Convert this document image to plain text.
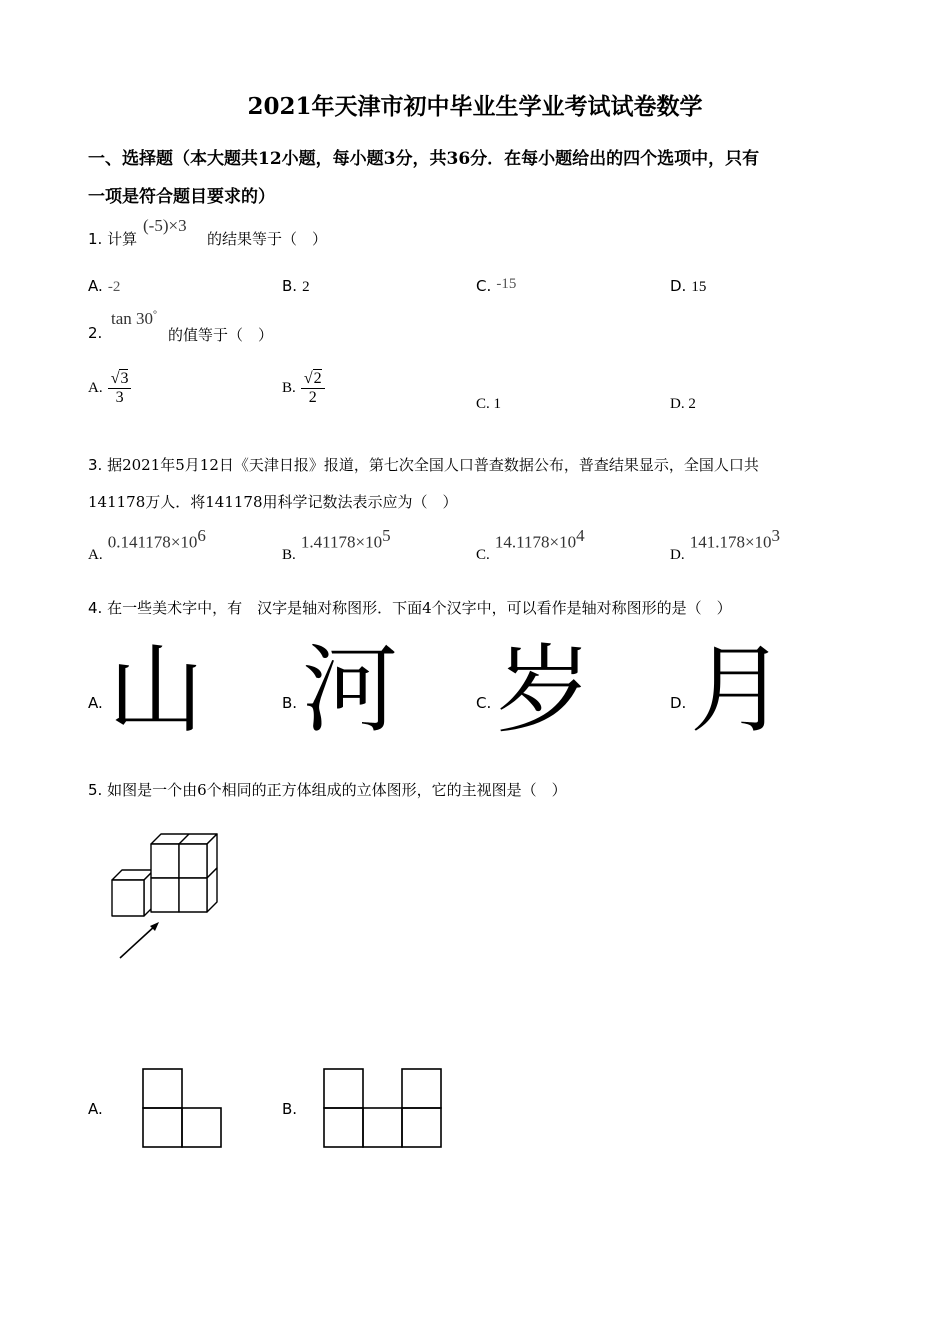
2021年天津市初中毕业生学业考试试卷数学
一、选择题（本大题共12小题，每小题3分，共36分．在每小题给出的四个选项中，只有
一项是符合题目要求的）
1. 计算
(-5)×3
的结果等于（　）
A. -2	B. 2	C. -15	D. 15
2.
tan 30°
的值等于（　）
A. $\frac{√3}{3}$	B. $\frac{√2}{2}$	C. 1	D. 2
3. 据2021年5月12日《天津日报》报道，第七次全国人口普查数据公布，普查结果显示，全国人口共
141178万人．将141178用科学记数法表示应为（　）
A. $0.141178\times 10^6$
B. $1.41178\times 10^5$
C. $14.1178\times 10^4$
D. $141.178\times 10^3$
4. 在一些美术字中，有　汉字是轴对称图形．下面4个汉字中，可以看作是轴对称图形的是（　）
A. 山	B. 河	C. 岁	D. 月
5. 如图是一个由6个相同的正方体组成的立体图形，它的主视图是（　）
A.	B.
